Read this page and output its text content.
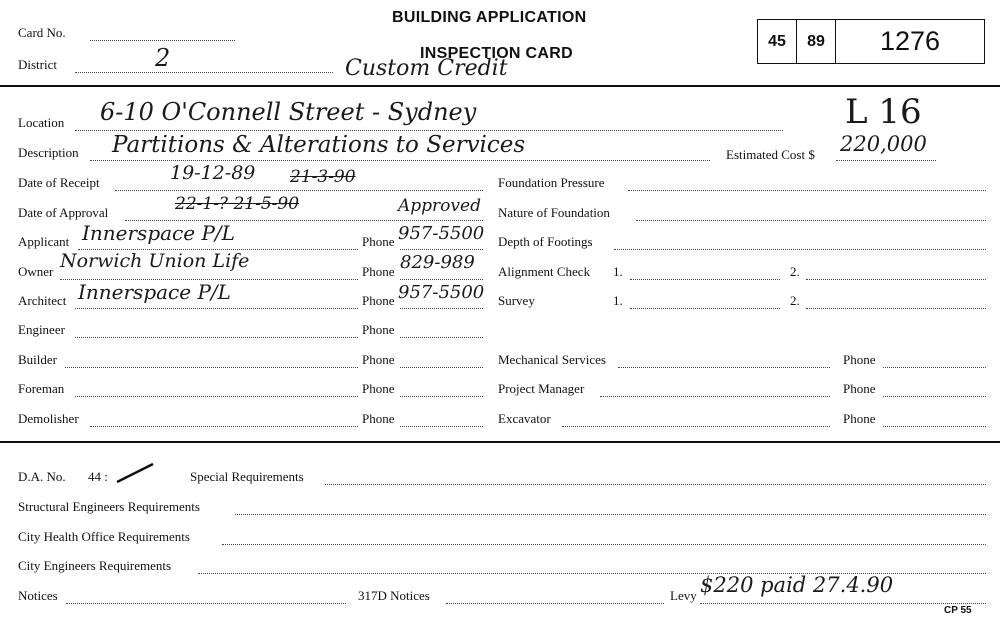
Card No.
District	2	Custom Credit
BUILDING APPLICATION
INSPECTION CARD
45	89	1276
Location 6-10 O'Connell Street - Sydney	L 16
Description Partitions & Alterations to Services	Estimated Cost $ 220,000
Date of Receipt	19-12-89 21-3-90
Date of Approval	22-1-? 21-5-90	Approved
Applicant Innerspace P/L	Phone 957-5500
Owner Norwich Union Life	Phone 829-989
Architect Innerspace P/L	Phone 957-5500
Engineer	Phone
Builder	Phone
Foreman	Phone
Demolisher	Phone
Foundation Pressure
Nature of Foundation
Depth of Footings
Alignment Check 1.	2.
Survey	1.	2.
Mechanical Services	Phone
Project Manager	Phone
Excavator	Phone
D.A. No. 44 :	Special Requirements
Structural Engineers Requirements
City Health Office Requirements
City Engineers Requirements
Notices	317D Notices	Levy $220 paid 27.4.90
CP 55
